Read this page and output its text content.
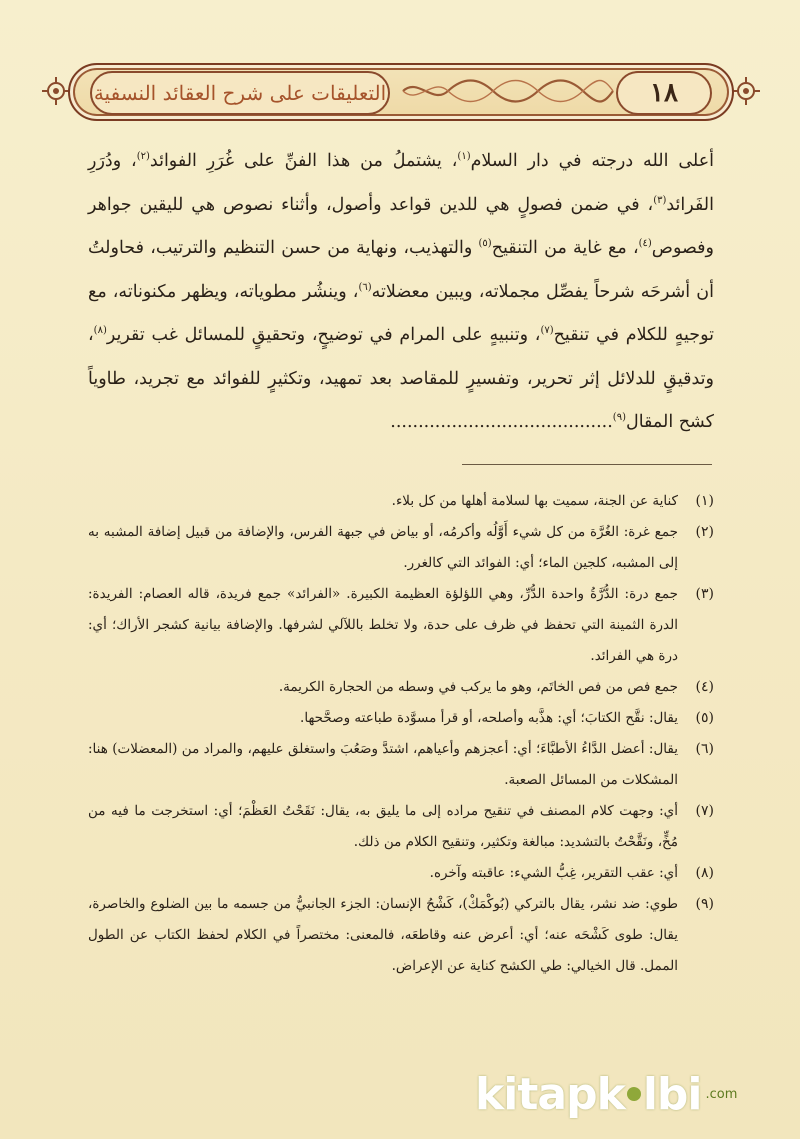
التعليقات على شرح العقائد النسفية	١٨

أعلى الله درجته في دار السلام$^{(١)}$، يشتملُ من هذا الفنِّ على غُرَرِ الفوائد$^{(٢)}$، ودُرَرِ الفَرائد$^{(٣)}$، في ضمن فصولٍ هي للدين قواعد وأصول، وأثناء نصوص هي لليقين جواهر وفصوص$^{(٤)}$، مع غاية من التنقيح$^{(٥)}$ والتهذيب، ونهاية من حسن التنظيم والترتيب، فحاولتُ أن أشرحَه شرحاً يفصِّل مجملاته، ويبين معضلاته$^{(٦)}$، وينشُر مطوياته، ويظهر مكنوناته، مع توجيهٍ للكلام في تنقيح$^{(٧)}$، وتنبيهٍ على المرام في توضيحٍ، وتحقيقٍ للمسائل غب تقرير$^{(٨)}$، وتدقيقٍ للدلائل إثر تحرير، وتفسيرٍ للمقاصد بعد تمهيد، وتكثيرٍ للفوائد مع تجريد، طاوياً كشح المقال$^{(٩)}$........................................

(١)
كناية عن الجنة، سميت بها لسلامة أهلها من كل بلاء.

(٢)
جمع غرة: الغُرَّة من كل شيء أَوَّلُه وأكرمُه، أو بياض في جبهة الفرس، والإضافة من قبيل إضافة المشبه به إلى المشبه، كلجين الماء؛ أي: الفوائد التي كالغرر.

(٣)
جمع درة: الدُّرَّةُ واحدة الدُّرِّ، وهي اللؤلؤة العظيمة الكبيرة. «الفرائد» جمع فريدة، قاله العصام: الفريدة: الدرة الثمينة التي تحفظ في ظرف على حدة، ولا تخلط باللآلي لشرفها. والإضافة بيانية كشجر الأراك؛ أي: درة هي الفرائد.

(٤)
جمع فص من فص الخاتَم، وهو ما يركب في وسطه من الحجارة الكريمة.

(٥)
يقال: نقَّح الكتابَ؛ أي: هذَّبه وأصلحه، أو قرأ مسوَّدة طباعته وصحَّحها.

(٦)
يقال: أعضل الدَّاءُ الأطبَّاءَ؛ أي: أعجزهم وأعياهم، اشتدَّ وصَعُبَ واستغلق عليهم، والمراد من (المعضلات) هنا: المشكلات من المسائل الصعبة.

(٧)
أي: وجهت كلام المصنف في تنقيح مراده إلى ما يليق به، يقال: نَقَحْتُ العَظْمَ؛ أي: استخرجت ما فيه من مُخٍّ، ونَقَّحْتُ بالتشديد: مبالغة وتكثير، وتنقيح الكلام من ذلك.

(٨)
أي: عقب التقرير، غِبُّ الشيء: عاقبته وآخره.

(٩)
طوي: ضد نشر، يقال بالتركي (بُوكْمَكْ)، كَشْحُ الإنسان: الجزء الجانبيُّ من جسمه ما بين الضلوع والخاصرة، يقال: طوى كَشْحَه عنه؛ أي: أعرض عنه وقاطعَه، فالمعنى: مختصراً في الكلام لحفظ الكتاب عن الطول الممل. قال الخيالي: طي الكشح كناية عن الإعراض.

kitapk lbi .com
